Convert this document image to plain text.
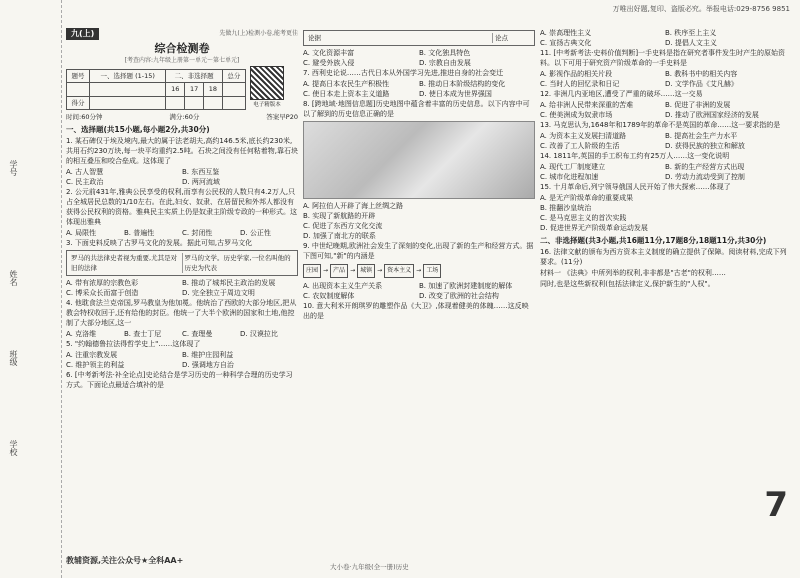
学号
姓名
班级
学校
万唯出好题,复印、盗版必究。举报电话:029-8756 9851
九(上)	先做九(上)检测小卷,能考更佳
综合检测卷
[考查内容:九年级上册第一单元～第七单元]
题号	一、选择题 (1-15)	二、非选择题			总分
		16	17	18	
得分						电子精版本
时间:60分钟	满分:60分	答案早P20
一、选择题(共15小题,每小题2分,共30分)
1. 某石碑仅于埃及境内,最大的属于法老胡夫,高约146.5米,底长约230米,共用石约230万块,每一块平均重约2.5吨。石块之间没有任何粘着物,靠石块的相互叠压和咬合垒成。这体现了
A. 古人智慧	B. 东西互鉴
C. 民主政治	D. 两河流域
2. 公元前431年,雅典公民享受的权利,而享有公民权的人数只有4.2万人,只占全城居民总数的1/10左右。在此,妇女、奴隶、在居留民和外邦人都没有获得公民权利的资格。雅典民主实质上仍是奴隶主阶级专政的一种形式。这体现出雅典
A. 局限性	B. 普遍性	C. 封闭性	D. 公正性
3. 下面史料反映了古罗马文化的发展。据此可知,古罗马文化
罗马的共法律史者视为重要,尤其是对旧的法律
罗马的文学。历史学家,一位名叫他的历史为代表
A. 带有浓厚的宗教色彩	B. 推动了城邦民主政治的发展
C. 博采众长而富于创造	D. 完全独立于周边文明
4. 他耽食法兰克帝国,罗马教皇为他加冕。他统治了西欧的大部分地区,把从教会特权收回于,还有给他的封臣。他统一了大半个欧洲的国家和土地,他控制了大部分地区,这一
A. 克洛维	B. 查士丁尼	C. 查理曼	D. 汉谟拉比
5. "约翰德鲁拉法得哲学史上"……这体现了
A. 注重宗教发展	B. 维护庄园利益
C. 维护领主的利益	D. 强调地方自治
6. [中考新考法·补全论点]史论结合是学习历史的一种科学合理的历史学习方式。下面论点最适合填补的是
论据	论点
A. 文化资源丰富	B. 文化独具特色
C. 避受外族入侵	D. 宗教自由发展
7. 西利史论说……古代日本从外国学习先进,推进自身的社会变迁
A. 提高日本农民生产积极性	B. 推动日本阶级结构的变化
C. 使日本走上资本主义道路	D. 使日本成为世界强国
8. [跨地域·地图信息题]历史地图中蕴含着丰富的历史信息。以下内容中可以了解到的历史信息正确的是
A. 阿拉伯人开辟了海上丝绸之路
B. 实现了新航路的开辟
C. 促进了东西方文化交流
D. 加强了南北方的联系
9. 中世纪晚期,欧洲社会发生了深刻的变化,出现了新的生产和经营方式。据下图可知,"新"的内涵是
庄园 → 产品 → 城镇 → 资本主义 → 工场
A. 出现资本主义生产关系	B. 加速了欧洲封建制度的解体
C. 农奴制度解体	D. 改变了欧洲的社会结构
10. 意大利米开朗琪罗的雕塑作品《大卫》,体现着健美的体魄……这反映出的是
A. 崇高理性主义	B. 秩序至上主义
C. 宣扬古典文化	D. 提倡人文主义
11. [中考新考法·史料价值判断]一手史料是指在研究者事件发生时产生的原始资料。以下可用于研究资产阶级革命的一手史料是
A. 影视作品的相关片段	B. 教科书中的相关内容
C. 当时人的回忆录和日记	D. 文学作品《艾凡赫》
12. 非洲几内亚地区,遭受了严重的破坏……这一交易
A. 给非洲人民带来深重的苦难	B. 促进了非洲的发展
C. 使美洲成为奴隶市场	D. 推动了欧洲国家经济的发展
13. 马克思认为,1648年和1789年的革命不是英国的革命……这一要求指的是
A. 为资本主义发展扫清道路	B. 提高社会生产力水平
C. 改善了工人阶级的生活	D. 获得民族的独立和解放
14. 1811年,英国的手工织布工约有25万人……这一变化说明
A. 现代工厂制度建立	B. 新的生产经营方式出现
C. 城市化进程加速	D. 劳动力流动受到了控制
15. 十月革命后,列宁领导俄国人民开始了伟大探索……体现了
A. 是无产阶级革命的重要成果
B. 推翻沙皇统治
C. 是马克思主义的首次实践
D. 促进世界无产阶级革命运动发展
二、非选择题(共3小题,共16题11分,17题8分,18题11分,共30分)
16. 法律文献的颁布为西方资本主义制度的确立提供了保障。阅读材料,完成下列要求。(11分)
材料一 《法典》中所列举的权利,非非都是"古老"的权利……
同时,也是这些新权利(包括法律定义,保护新生的"人权"。
7
教辅资源,关注公众号★全科AA+
大小卷·九年级(全一册)历史
